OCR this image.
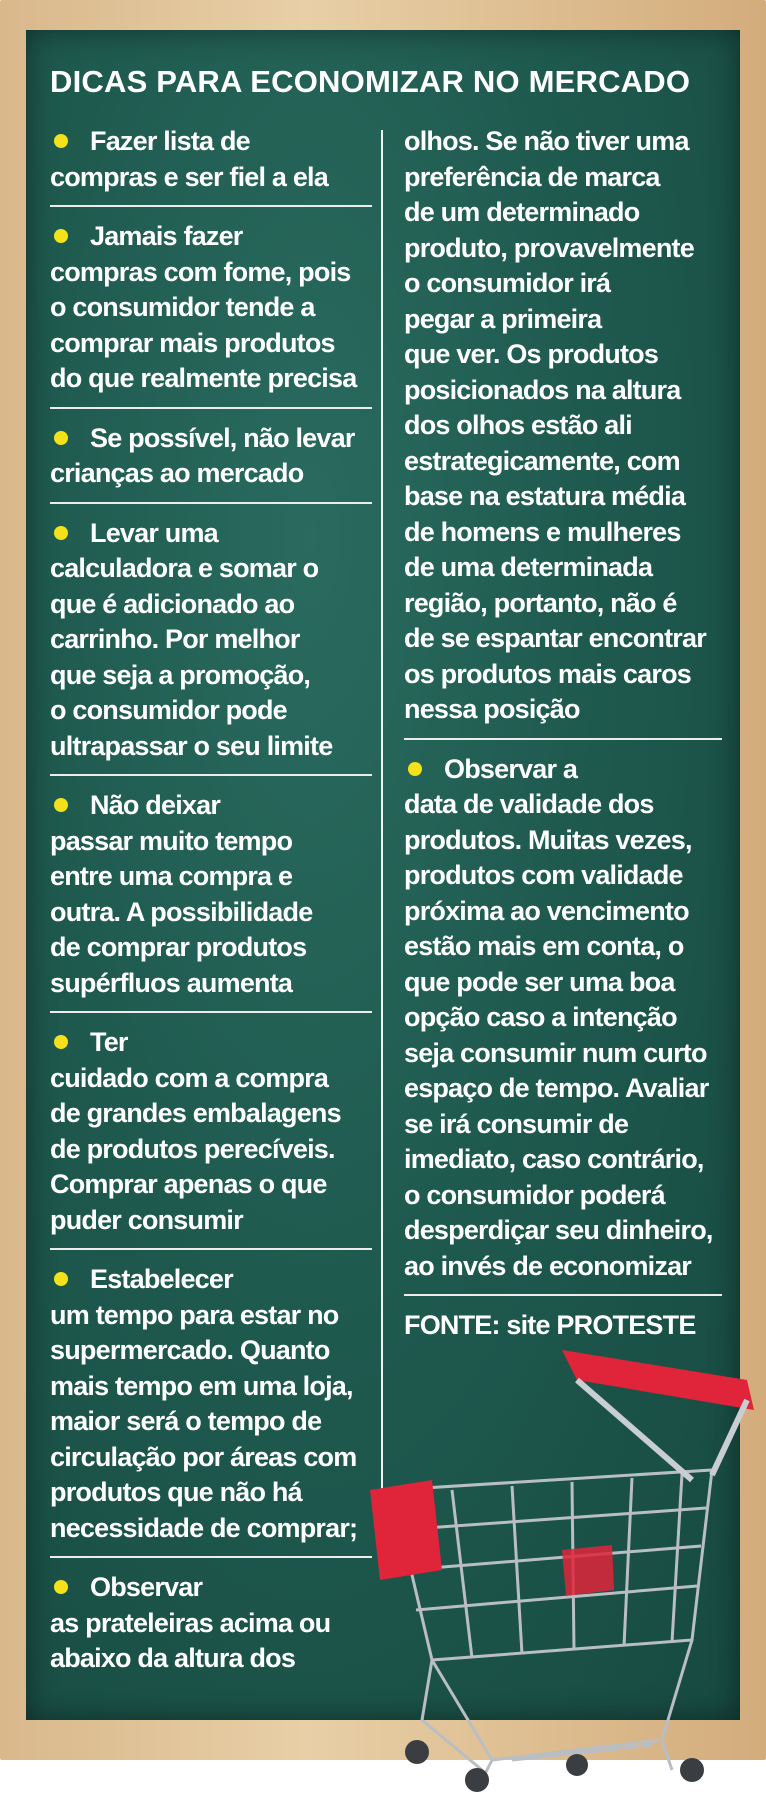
DICAS PARA ECONOMIZAR NO MERCADO

Fazer lista de

compras e ser fiel a ela

Jamais fazer

compras com fome, pois

o consumidor tende a

comprar mais produtos

do que realmente precisa

Se possível, não levar

crianças ao mercado

Levar uma

calculadora e somar o

que é adicionado ao

carrinho. Por melhor

que seja a promoção,

o consumidor pode

ultrapassar o seu limite

Não deixar

passar muito tempo

entre uma compra e

outra. A possibilidade

de comprar produtos

supérfluos aumenta

Ter

cuidado com a compra

de grandes embalagens

de produtos perecíveis.

Comprar apenas o que

puder consumir

Estabelecer

um tempo para estar no

supermercado. Quanto

mais tempo em uma loja,

maior será o tempo de

circulação por áreas com

produtos que não há

necessidade de comprar;

Observar

as prateleiras acima ou

abaixo da altura dos

olhos. Se não tiver uma

preferência de marca

de um determinado

produto, provavelmente

o consumidor irá

pegar a primeira

que ver. Os produtos

posicionados na altura

dos olhos estão ali

estrategicamente, com

base na estatura média

de homens e mulheres

de uma determinada

região, portanto, não é

de se espantar encontrar

os produtos mais caros

nessa posição

Observar a

data de validade dos

produtos. Muitas vezes,

produtos com validade

próxima ao vencimento

estão mais em conta, o

que pode ser uma boa

opção caso a intenção

seja consumir num curto

espaço de tempo. Avaliar

se irá consumir de

imediato, caso contrário,

o consumidor poderá

desperdiçar seu dinheiro,

ao invés de economizar

FONTE: site PROTESTE
